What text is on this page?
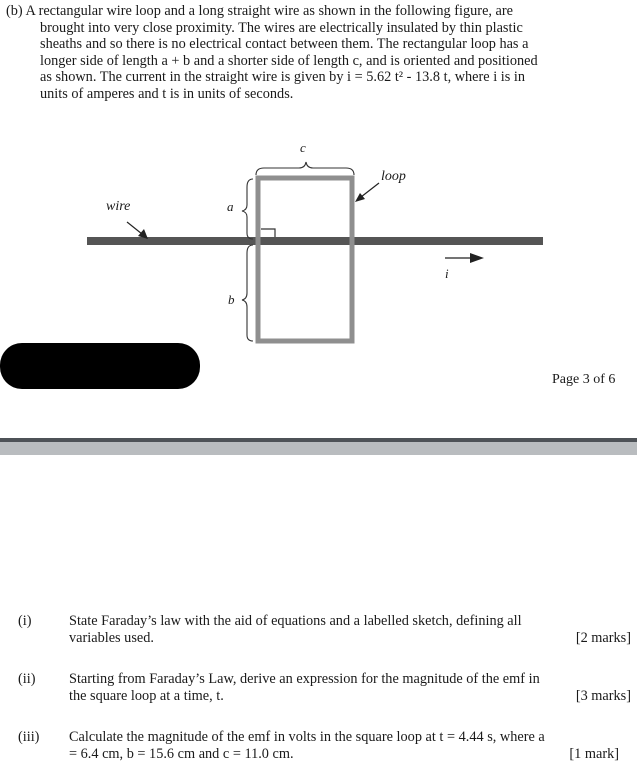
(b) A rectangular wire loop and a long straight wire as shown in the following figure, are
brought into very close proximity. The wires are electrically insulated by thin plastic
sheaths and so there is no electrical contact between them. The rectangular loop has a
longer side of length a + b and a shorter side of length c, and is oriented and positioned
as shown. The current in the straight wire is given by i = 5.62 t² - 13.8 t, where i is in
units of amperes and t is in units of seconds.
c
loop
wire	a
b
i
Page 3 of 6
(i)	State Faraday’s law with the aid of equations and a labelled sketch, defining all
variables used.	[2 marks]
(ii) Starting from Faraday’s Law, derive an expression for the magnitude of the emf in
the square loop at a time, t.	[3 marks]
(iii) Calculate the magnitude of the emf in volts in the square loop at t = 4.44 s, where a
= 6.4 cm, b = 15.6 cm and c = 11.0 cm.	[1 mark]
